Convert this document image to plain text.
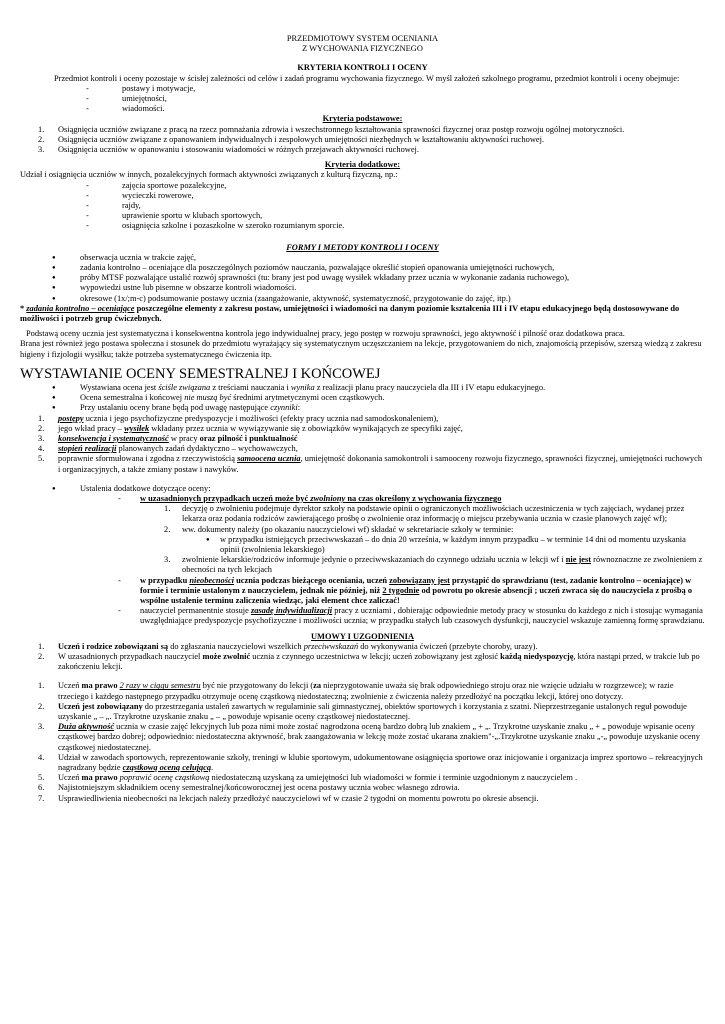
PRZEDMIOTOWY SYSTEM OCENIANIA

Z WYCHOWANIA FIZYCZNEGO

KRYTERIA KONTROLI I OCENY

Przedmiot kontroli i oceny pozostaje w ścisłej zależności od celów i zadań programu wychowania fizycznego. W myśl założeń szkolnego programu, przedmiot kontroli i oceny obejmuje:

-	postawy i motywacje,
-	umiejętności,
-	wiadomości.

Kryteria podstawowe:

1.	Osiągnięcia uczniów związane z pracą na rzecz pomnażania zdrowia i wszechstronnego kształtowania sprawności fizycznej oraz postęp rozwoju ogólnej motoryczności.
2.	Osiągnięcia uczniów związane z opanowaniem indywidualnych i zespołowych umiejętności niezbędnych w kształtowaniu aktywności ruchowej.
3.	Osiągnięcia uczniów w opanowaniu i stosowaniu wiadomości w różnych przejawach aktywności ruchowej.

Kryteria dodatkowe:

Udział i osiągnięcia uczniów w innych, pozalekcyjnych formach aktywności związanych z kulturą fizyczną, np.:

-	zajęcia sportowe pozalekcyjne,
-	wycieczki rowerowe,
-	rajdy,
-	uprawienie sportu w klubach sportowych,
-	osiągnięcia szkolne i pozaszkolne w szeroko rozumianym sporcie.

FORMY I METODY KONTROLI I OCENY

●	obserwacja ucznia w trakcie zajęć,
●	zadania kontrolno – oceniające dla poszczególnych poziomów nauczania, pozwalające określić stopień opanowania umiejętności ruchowych,
●	próby MTSF pozwalające ustalić rozwój sprawności (tu: brany jest pod uwagę wysiłek wkładany przez ucznia w wykonanie zadania ruchowego),
●	wypowiedzi ustne lub pisemne w obszarze kontroli wiadomości.
●	okresowe (1x/;m-c) podsumowanie postawy ucznia (zaangażowanie, aktywność, systematyczność, przygotowanie do zajęć, itp.)

* zadania kontrolno – oceniające poszczególne elementy z zakresu postaw, umiejętności i wiadomości na danym poziomie kształcenia III i IV etapu edukacyjnego będą dostosowywane do możliwości i potrzeb grup ćwiczebnych.

Podstawą oceny ucznia jest systematyczna i konsekwentna kontrola jego indywidualnej pracy, jego postęp w rozwoju sprawności, jego aktywność i pilność oraz dodatkowa praca.

Brana jest również jego postawa społeczna i stosunek do przedmiotu wyrażający się systematycznym uczęszczaniem na lekcje, przygotowaniem do nich, znajomością przepisów, szerszą wiedzą z zakresu higieny i fizjologii wysiłku; także potrzeba systematycznego ćwiczenia itp.

WYSTAWIANIE OCENY SEMESTRALNEJ I KOŃCOWEJ

●	Wystawiana ocena jest ściśle związana z treściami nauczania i wynika z realizacji planu pracy nauczyciela dla III i IV etapu edukacyjnego.
●	Ocena semestralna i końcowej nie muszą być średnimi arytmetycznymi ocen cząstkowych.
●	Przy ustalaniu oceny brane będą pod uwagę następujące czynniki:
1.	postępy ucznia i jego psychofizyczne predyspozycje i możliwości (efekty pracy ucznia nad samodoskonaleniem),
2.	jego wkład pracy – wysiłek wkładany przez ucznia w wywiązywanie się z obowiązków wynikających ze specyfiki zajęć,
3.	konsekwencja i systematyczność w pracy oraz pilność i punktualność
4.	stopień realizacji planowanych zadań dydaktyczno – wychowawczych,
5.	poprawnie sformułowana i zgodna z rzeczywistością samoocena ucznia, umiejętność dokonania samokontroli i samooceny rozwoju fizycznego, sprawności fizycznej, umiejętności ruchowych i organizacyjnych, a także zmiany postaw i nawyków.
●	Ustalenia dodatkowe dotyczące oceny:
-	w uzasadnionych przypadkach uczeń może być zwolniony na czas określony z wychowania fizycznego
1.	decyzję o zwolnieniu podejmuje dyrektor szkoły na podstawie opinii o ograniczonych możliwościach uczestniczenia w tych zajęciach, wydanej przez lekarza oraz podania rodziców zawierającego prośbę o zwolnienie oraz informację o miejscu przebywania ucznia w czasie planowych zajęć wf);
2.	ww. dokumenty należy (po okazaniu nauczycielowi wf) składać w sekretariacie szkoły w terminie:
●	w przypadku istniejących przeciwwskazań – do dnia 20 września, w każdym innym przypadku – w terminie 14 dni od momentu uzyskania opinii (zwolnienia lekarskiego)
3.	zwolnienie lekarskie/rodziców informuje jedynie o przeciwwskazaniach do czynnego udziału ucznia w lekcji wf i nie jest równoznaczne ze zwolnieniem z obecności na tych lekcjach
-	w przypadku nieobecności ucznia podczas bieżącego oceniania, uczeń zobowiązany jest przystąpić do sprawdzianu (test, zadanie kontrolno – oceniające) w formie i terminie ustalonym z nauczycielem, jednak nie później, niż 2 tygodnie od powrotu po okresie absencji ; uczeń zwraca się do nauczyciela z prośbą o wspólne ustalenie terminu zaliczenia wiedząc, jaki element chce zaliczać!
-	nauczyciel permanentnie stosuje zasadę indywidualizacji pracy z uczniami , dobierając odpowiednie metody pracy w stosunku do każdego z nich i stosując wymagania uwzględniające predyspozycje psychofizyczne i możliwości ucznia; w przypadku stałych lub czasowych dysfunkcji, nauczyciel wskazuje zamienną formę sprawdzianu.

UMOWY I UZGODNIENIA

1.	Uczeń i rodzice zobowiązani są do zgłaszania nauczycielowi wszelkich przeciwwskazań do wykonywania ćwiczeń (przebyte choroby, urazy).
2.	W uzasadnionych przypadkach nauczyciel może zwolnić ucznia z czynnego uczestnictwa w lekcji; uczeń zobowiązany jest zgłosić każdą niedyspozycję, która nastąpi przed, w trakcie lub po zakończeniu lekcji.
1.	Uczeń ma prawo 2 razy w ciągu semestru być nie przygotowany do lekcji (za nieprzygotowanie uważa się brak odpowiedniego stroju oraz nie wzięcie udziału w rozgrzewce); w razie trzeciego i każdego następnego przypadku otrzymuje ocenę cząstkową niedostateczną; zwolnienie z ćwiczenia należy przedłożyć na początku lekcji, której ono dotyczy.
2.	Uczeń jest zobowiązany do przestrzegania ustaleń zawartych w regulaminie sali gimnastycznej, obiektów sportowych i korzystania z szatni. Nieprzestrzeganie ustalonych reguł powoduje uzyskanie „ – „. Trzykrotne uzyskanie znaku „ – „ powoduje wpisanie oceny cząstkowej niedostatecznej.
3.	Duża aktywność ucznia w czasie zajęć lekcyjnych lub poza nimi może zostać nagrodzona oceną bardzo dobrą lub znakiem „ + „. Trzykrotne uzyskanie znaku „ + „ powoduje wpisanie oceny cząstkowej bardzo dobrej; odpowiednio: niedostateczna aktywność, brak zaangażowania w lekcję może zostać ukarana znakiem"-„.Trzykrotne uzyskanie znaku „-„ powoduje uzyskanie oceny cząstkowej niedostatecznej.
4.	Udział w zawodach sportowych, reprezentowanie szkoły, treningi w klubie sportowym, udokumentowane osiągnięcia sportowe oraz inicjowanie i organizacja imprez sportowo – rekreacyjnych nagradzany będzie cząstkową oceną celującą.
5.	Uczeń ma prawo poprawić ocenę cząstkową niedostateczną uzyskaną za umiejętności lub wiadomości w formie i terminie uzgodnionym z nauczycielem .
6.	Najistotniejszym składnikiem oceny semestralnej/końcoworocznej jest ocena postawy ucznia wobec własnego zdrowia.
7.	Usprawiedliwienia nieobecności na lekcjach należy przedłożyć nauczycielowi wf w czasie 2 tygodni on momentu powrotu po okresie absencji.
